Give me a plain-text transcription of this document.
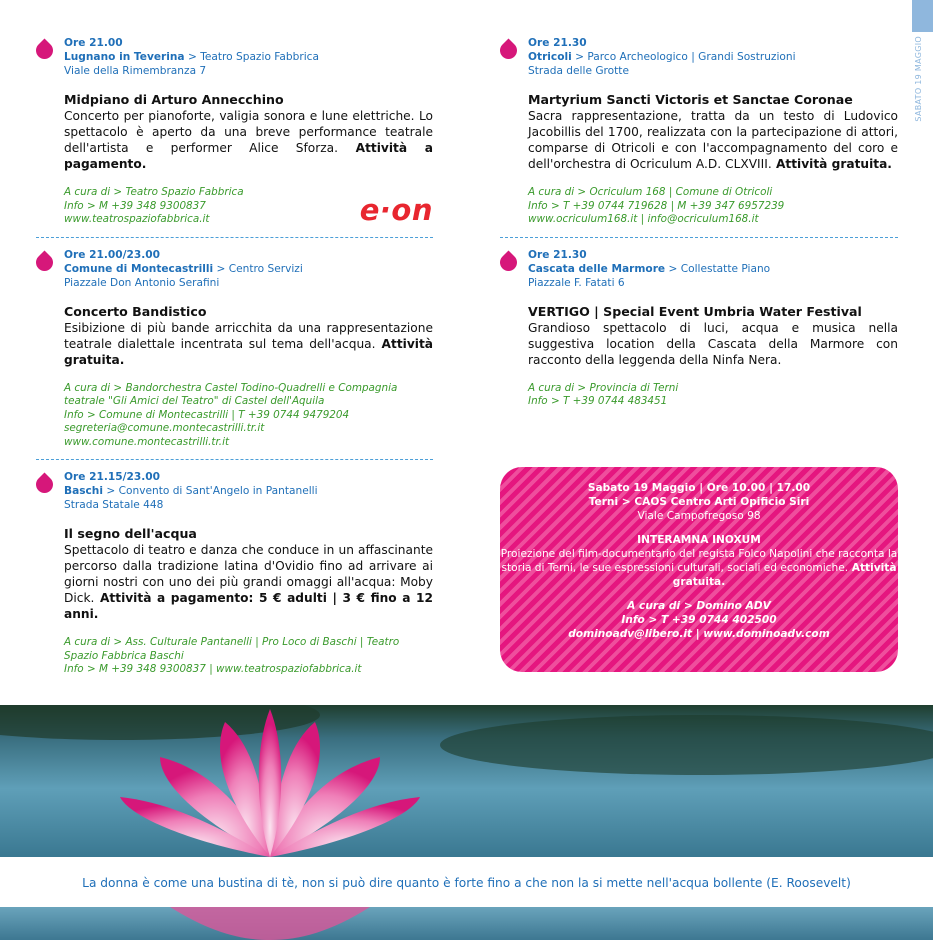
SABATO 19 MAGGIO
Ore 21.00
Lugnano in Teverina > Teatro Spazio Fabbrica
Viale della Rimembranza 7
Midpiano di Arturo Annecchino
Concerto per pianoforte, valigia sonora e lune elettriche. Lo spettacolo è aperto da una breve performance teatrale dell'artista e performer Alice Sforza. Attività a pagamento.
A cura di > Teatro Spazio Fabbrica
Info > M +39 348 9300837
www.teatrospaziofabbrica.it	e·on
Ore 21.00/23.00
Comune di Montecastrilli > Centro Servizi
Piazzale Don Antonio Serafini
Concerto Bandistico
Esibizione di più bande arricchita da una rappresentazione teatrale dialettale incentrata sul tema dell'acqua. Attività gratuita.
A cura di > Bandorchestra Castel Todino-Quadrelli e Compagnia teatrale "Gli Amici del Teatro" di Castel dell'Aquila
Info > Comune di Montecastrilli | T +39 0744 9479204
segreteria@comune.montecastrilli.tr.it
www.comune.montecastrilli.tr.it
Ore 21.15/23.00
Baschi > Convento di Sant'Angelo in Pantanelli
Strada Statale 448
Il segno dell'acqua
Spettacolo di teatro e danza che conduce in un affascinante percorso dalla tradizione latina d'Ovidio fino ad arrivare ai giorni nostri con uno dei più grandi omaggi all'acqua: Moby Dick. Attività a pagamento: 5 € adulti | 3 € fino a 12 anni.
A cura di > Ass. Culturale Pantanelli | Pro Loco di Baschi | Teatro Spazio Fabbrica Baschi
Info > M +39 348 9300837 | www.teatrospaziofabbrica.it
Ore 21.30
Otricoli > Parco Archeologico | Grandi Sostruzioni
Strada delle Grotte
Martyrium Sancti Victoris et Sanctae Coronae
Sacra rappresentazione, tratta da un testo di Ludovico Jacobillis del 1700, realizzata con la partecipazione di attori, comparse di Otricoli e con l'accompagnamento del coro e dell'orchestra di Ocriculum A.D. CLXVIII. Attività gratuita.
A cura di > Ocriculum 168 | Comune di Otricoli
Info > T +39 0744 719628 | M +39 347 6957239
www.ocriculum168.it | info@ocriculum168.it
Ore 21.30
Cascata delle Marmore > Collestatte Piano
Piazzale F. Fatati 6
VERTIGO | Special Event Umbria Water Festival
Grandioso spettacolo di luci, acqua e musica nella suggestiva location della Cascata della Marmore con racconto della leggenda della Ninfa Nera.
A cura di > Provincia di Terni
Info > T +39 0744 483451
Sabato 19 Maggio | Ore 10.00 | 17.00
Terni > CAOS Centro Arti Opificio Siri
Viale Campofregoso 98
INTERAMNA INOXUM
Proiezione del film-documentario del regista Folco Napolini che racconta la storia di Terni, le sue espressioni culturali, sociali ed economiche. Attività gratuita.
A cura di > Domino ADV
Info > T +39 0744 402500
dominoadv@libero.it | www.dominoadv.com
La donna è come una bustina di tè, non si può dire quanto è forte fino a che non la si mette nell'acqua bollente (E. Roosevelt)
